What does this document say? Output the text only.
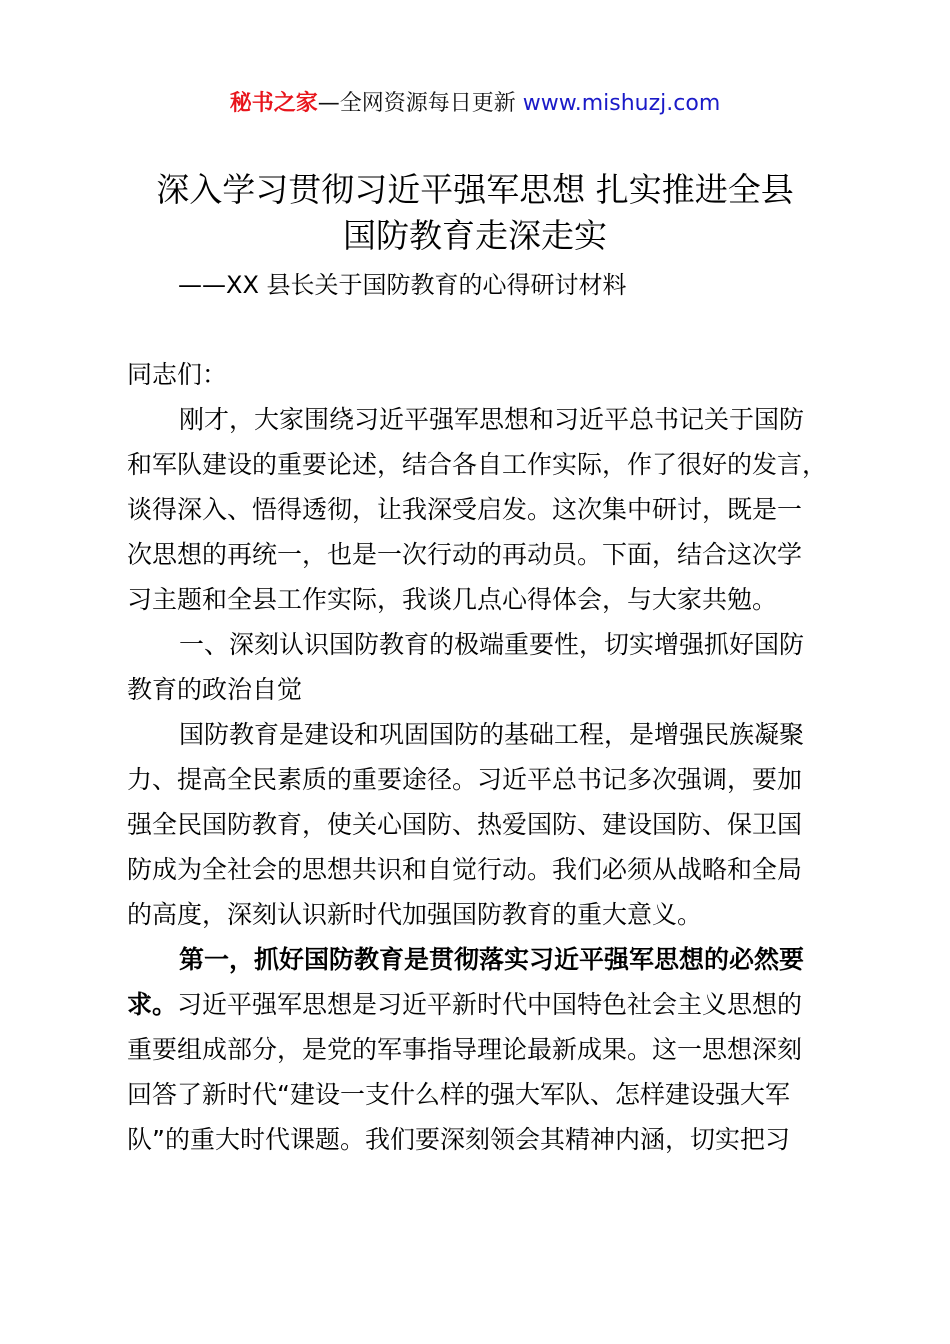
秘书之家—全网资源每日更新 www.mishuzj.com
深入学习贯彻习近平强军思想 扎实推进全县
国防教育走深走实
——XX 县长关于国防教育的心得研讨材料
同志们：
刚才，大家围绕习近平强军思想和习近平总书记关于国防
和军队建设的重要论述，结合各自工作实际，作了很好的发言，
谈得深入、悟得透彻，让我深受启发。这次集中研讨，既是一
次思想的再统一，也是一次行动的再动员。下面，结合这次学
习主题和全县工作实际，我谈几点心得体会，与大家共勉。
一、深刻认识国防教育的极端重要性，切实增强抓好国防
教育的政治自觉
国防教育是建设和巩固国防的基础工程，是增强民族凝聚
力、提高全民素质的重要途径。习近平总书记多次强调，要加
强全民国防教育，使关心国防、热爱国防、建设国防、保卫国
防成为全社会的思想共识和自觉行动。我们必须从战略和全局
的高度，深刻认识新时代加强国防教育的重大意义。
第一，抓好国防教育是贯彻落实习近平强军思想的必然要
求。习近平强军思想是习近平新时代中国特色社会主义思想的
重要组成部分，是党的军事指导理论最新成果。这一思想深刻
回答了新时代“建设一支什么样的强大军队、怎样建设强大军
队”的重大时代课题。我们要深刻领会其精神内涵，切实把习
